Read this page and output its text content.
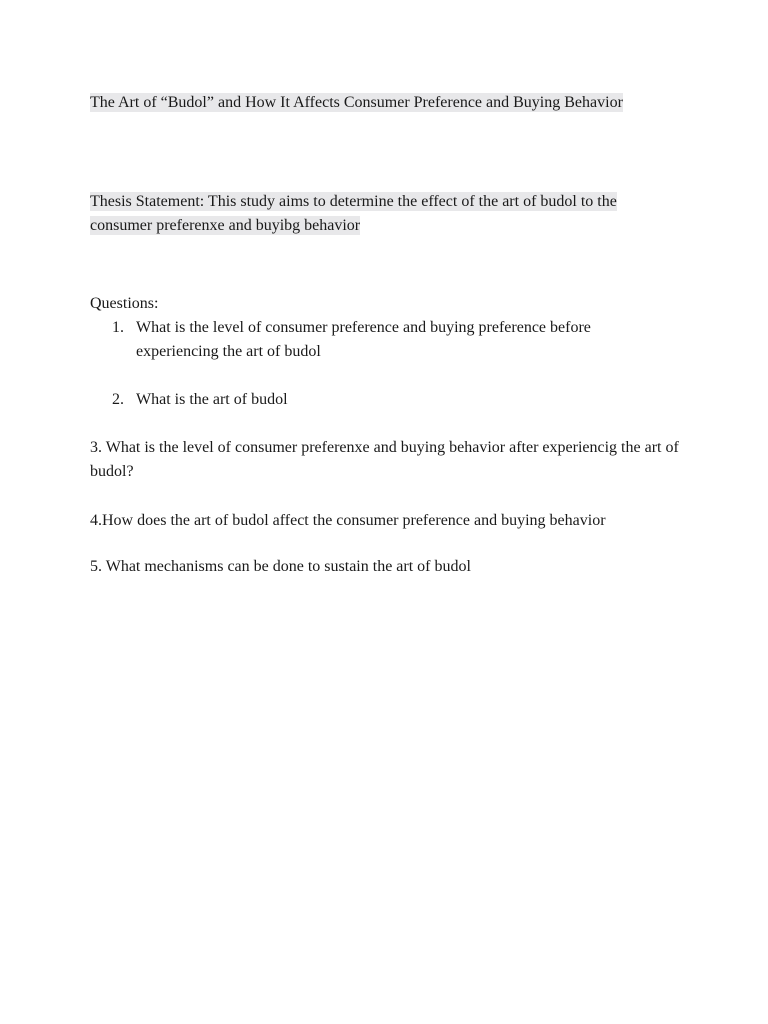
The Art of “Budol” and How It Affects Consumer Preference and Buying Behavior

Thesis Statement: This study aims to determine the effect of the art of budol to the consumer preferenxe and buyibg behavior

Questions:
1. What is the level of consumer preference and buying preference before experiencing the art of budol
2. What is the art of budol

3. What is the level of consumer preferenxe and buying behavior after experiencig the art of budol?

4.How does the art of budol affect the consumer preference and buying behavior

5. What mechanisms can be done to sustain the art of budol
